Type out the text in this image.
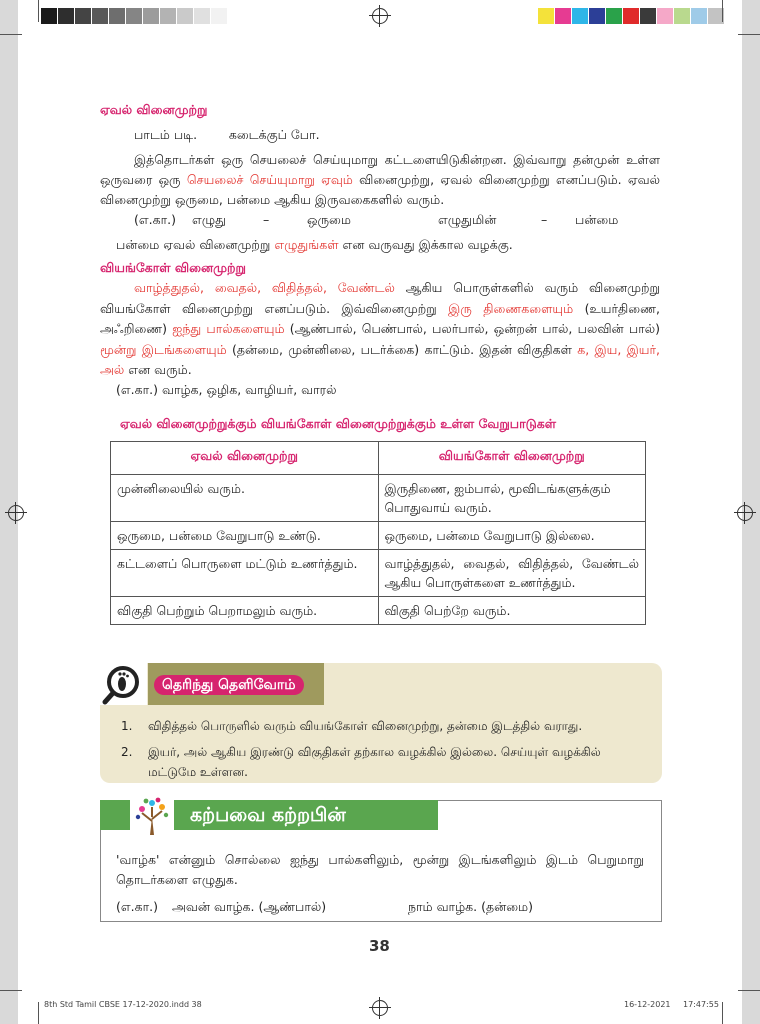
ஏவல் வினைமுற்று
பாடம் படி.        கடைக்குப் போ.
இத்தொடர்கள் ஒரு செயலைச் செய்யுமாறு கட்டளையிடுகின்றன. இவ்வாறு தன்முன் உள்ள ஒருவரை ஒரு செயலைச் செய்யுமாறு ஏவும் வினைமுற்று, ஏவல் வினைமுற்று எனப்படும். ஏவல் வினைமுற்று ஒருமை, பன்மை ஆகிய இருவகைகளில் வரும்.
(எ.கா.) எழுது	–	ஒருமை	எழுதுமின்	– பன்மை
பன்மை ஏவல் வினைமுற்று எழுதுங்கள் என வருவது இக்கால வழக்கு.
வியங்கோள் வினைமுற்று
வாழ்த்துதல், வைதல், விதித்தல், வேண்டல் ஆகிய பொருள்களில் வரும் வினைமுற்று வியங்கோள் வினைமுற்று எனப்படும். இவ்வினைமுற்று இரு திணைகளையும் (உயர்திணை, அஃறிணை) ஐந்து பால்களையும் (ஆண்பால், பெண்பால், பலர்பால், ஒன்றன் பால், பலவின் பால்) மூன்று இடங்களையும் (தன்மை, முன்னிலை, படர்க்கை) காட்டும். இதன் விகுதிகள் க, இய, இயர், அல் என வரும்.
(எ.கா.) வாழ்க, ஒழிக, வாழியர், வாரல்
ஏவல் வினைமுற்றுக்கும் வியங்கோள் வினைமுற்றுக்கும் உள்ள வேறுபாடுகள்
ஏவல் வினைமுற்று	வியங்கோள் வினைமுற்று
முன்னிலையில் வரும்.	இருதிணை, ஐம்பால், மூவிடங்களுக்கும் பொதுவாய் வரும்.
ஒருமை, பன்மை வேறுபாடு உண்டு.	ஒருமை, பன்மை வேறுபாடு இல்லை.
கட்டளைப் பொருளை மட்டும் உணர்த்தும்.	வாழ்த்துதல், வைதல், விதித்தல், வேண்டல் ஆகிய பொருள்களை உணர்த்தும்.
விகுதி பெற்றும் பெறாமலும் வரும்.	விகுதி பெற்றே வரும்.
தெரிந்து தெளிவோம்
1. விதித்தல் பொருளில் வரும் வியங்கோள் வினைமுற்று, தன்மை இடத்தில் வராது.
2. இயர், அல் ஆகிய இரண்டு விகுதிகள் தற்கால வழக்கில் இல்லை. செய்யுள் வழக்கில் மட்டுமே உள்ளன.
கற்பவை கற்றபின்
'வாழ்க' என்னும் சொல்லை ஐந்து பால்களிலும், மூன்று இடங்களிலும் இடம் பெறுமாறு தொடர்களை எழுதுக.
(எ.கா.) அவன் வாழ்க. (ஆண்பால்)	நாம் வாழ்க. (தன்மை)
38
8th Std Tamil CBSE 17-12-2020.indd 38	16-12-2021 17:47:55
